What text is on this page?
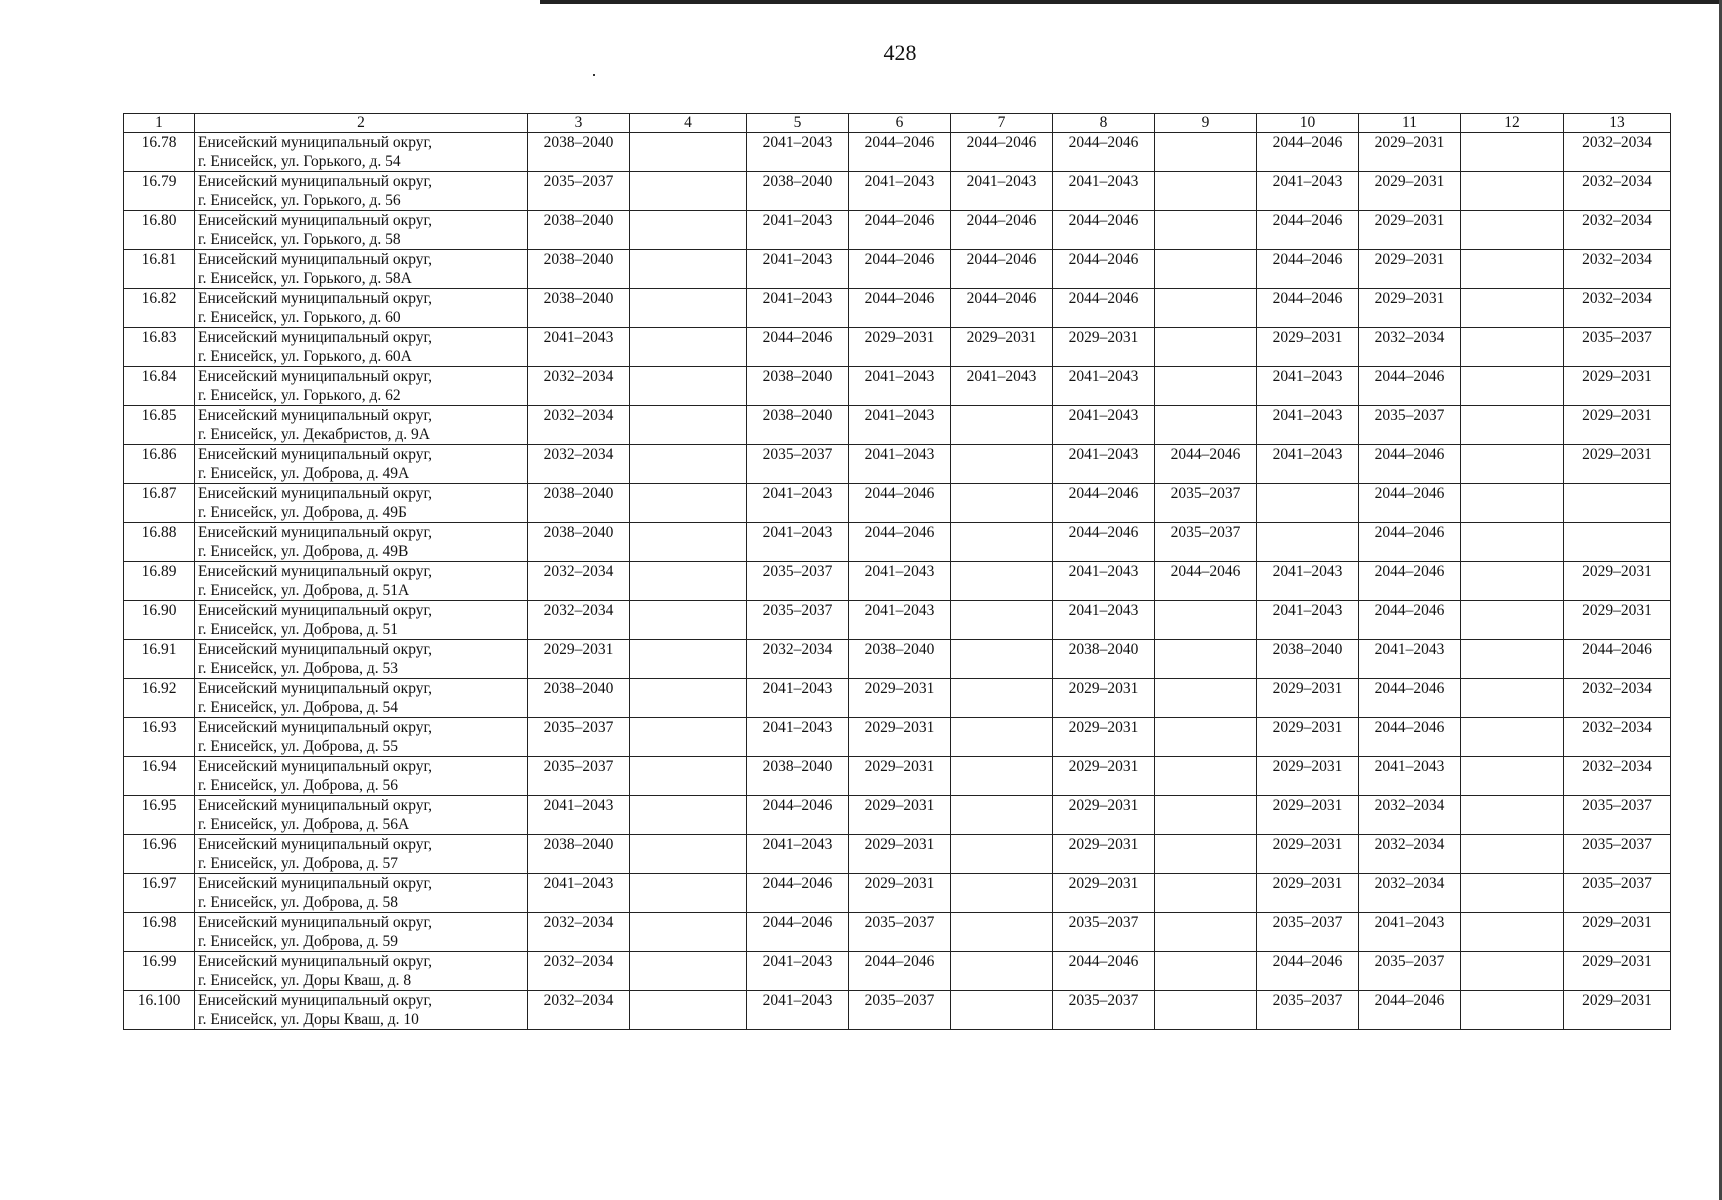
428
1	2	3	4	5	6	7	8	9	10	11	12	13
16.78	Енисейский муниципальный округ,
г. Енисейск, ул. Горького, д. 54	2038–2040		2041–2043	2044–2046	2044–2046	2044–2046		2044–2046	2029–2031		2032–2034
16.79	Енисейский муниципальный округ,
г. Енисейск, ул. Горького, д. 56	2035–2037		2038–2040	2041–2043	2041–2043	2041–2043		2041–2043	2029–2031		2032–2034
16.80	Енисейский муниципальный округ,
г. Енисейск, ул. Горького, д. 58	2038–2040		2041–2043	2044–2046	2044–2046	2044–2046		2044–2046	2029–2031		2032–2034
16.81	Енисейский муниципальный округ,
г. Енисейск, ул. Горького, д. 58А	2038–2040		2041–2043	2044–2046	2044–2046	2044–2046		2044–2046	2029–2031		2032–2034
16.82	Енисейский муниципальный округ,
г. Енисейск, ул. Горького, д. 60	2038–2040		2041–2043	2044–2046	2044–2046	2044–2046		2044–2046	2029–2031		2032–2034
16.83	Енисейский муниципальный округ,
г. Енисейск, ул. Горького, д. 60А	2041–2043		2044–2046	2029–2031	2029–2031	2029–2031		2029–2031	2032–2034		2035–2037
16.84	Енисейский муниципальный округ,
г. Енисейск, ул. Горького, д. 62	2032–2034		2038–2040	2041–2043	2041–2043	2041–2043		2041–2043	2044–2046		2029–2031
16.85	Енисейский муниципальный округ,
г. Енисейск, ул. Декабристов, д. 9А	2032–2034		2038–2040	2041–2043		2041–2043		2041–2043	2035–2037		2029–2031
16.86	Енисейский муниципальный округ,
г. Енисейск, ул. Доброва, д. 49А	2032–2034		2035–2037	2041–2043		2041–2043	2044–2046	2041–2043	2044–2046		2029–2031
16.87	Енисейский муниципальный округ,
г. Енисейск, ул. Доброва, д. 49Б	2038–2040		2041–2043	2044–2046		2044–2046	2035–2037		2044–2046		
16.88	Енисейский муниципальный округ,
г. Енисейск, ул. Доброва, д. 49В	2038–2040		2041–2043	2044–2046		2044–2046	2035–2037		2044–2046		
16.89	Енисейский муниципальный округ,
г. Енисейск, ул. Доброва, д. 51А	2032–2034		2035–2037	2041–2043		2041–2043	2044–2046	2041–2043	2044–2046		2029–2031
16.90	Енисейский муниципальный округ,
г. Енисейск, ул. Доброва, д. 51	2032–2034		2035–2037	2041–2043		2041–2043		2041–2043	2044–2046		2029–2031
16.91	Енисейский муниципальный округ,
г. Енисейск, ул. Доброва, д. 53	2029–2031		2032–2034	2038–2040		2038–2040		2038–2040	2041–2043		2044–2046
16.92	Енисейский муниципальный округ,
г. Енисейск, ул. Доброва, д. 54	2038–2040		2041–2043	2029–2031		2029–2031		2029–2031	2044–2046		2032–2034
16.93	Енисейский муниципальный округ,
г. Енисейск, ул. Доброва, д. 55	2035–2037		2041–2043	2029–2031		2029–2031		2029–2031	2044–2046		2032–2034
16.94	Енисейский муниципальный округ,
г. Енисейск, ул. Доброва, д. 56	2035–2037		2038–2040	2029–2031		2029–2031		2029–2031	2041–2043		2032–2034
16.95	Енисейский муниципальный округ,
г. Енисейск, ул. Доброва, д. 56А	2041–2043		2044–2046	2029–2031		2029–2031		2029–2031	2032–2034		2035–2037
16.96	Енисейский муниципальный округ,
г. Енисейск, ул. Доброва, д. 57	2038–2040		2041–2043	2029–2031		2029–2031		2029–2031	2032–2034		2035–2037
16.97	Енисейский муниципальный округ,
г. Енисейск, ул. Доброва, д. 58	2041–2043		2044–2046	2029–2031		2029–2031		2029–2031	2032–2034		2035–2037
16.98	Енисейский муниципальный округ,
г. Енисейск, ул. Доброва, д. 59	2032–2034		2044–2046	2035–2037		2035–2037		2035–2037	2041–2043		2029–2031
16.99	Енисейский муниципальный округ,
г. Енисейск, ул. Доры Кваш, д. 8	2032–2034		2041–2043	2044–2046		2044–2046		2044–2046	2035–2037		2029–2031
16.100	Енисейский муниципальный округ,
г. Енисейск, ул. Доры Кваш, д. 10	2032–2034		2041–2043	2035–2037		2035–2037		2035–2037	2044–2046		2029–2031
